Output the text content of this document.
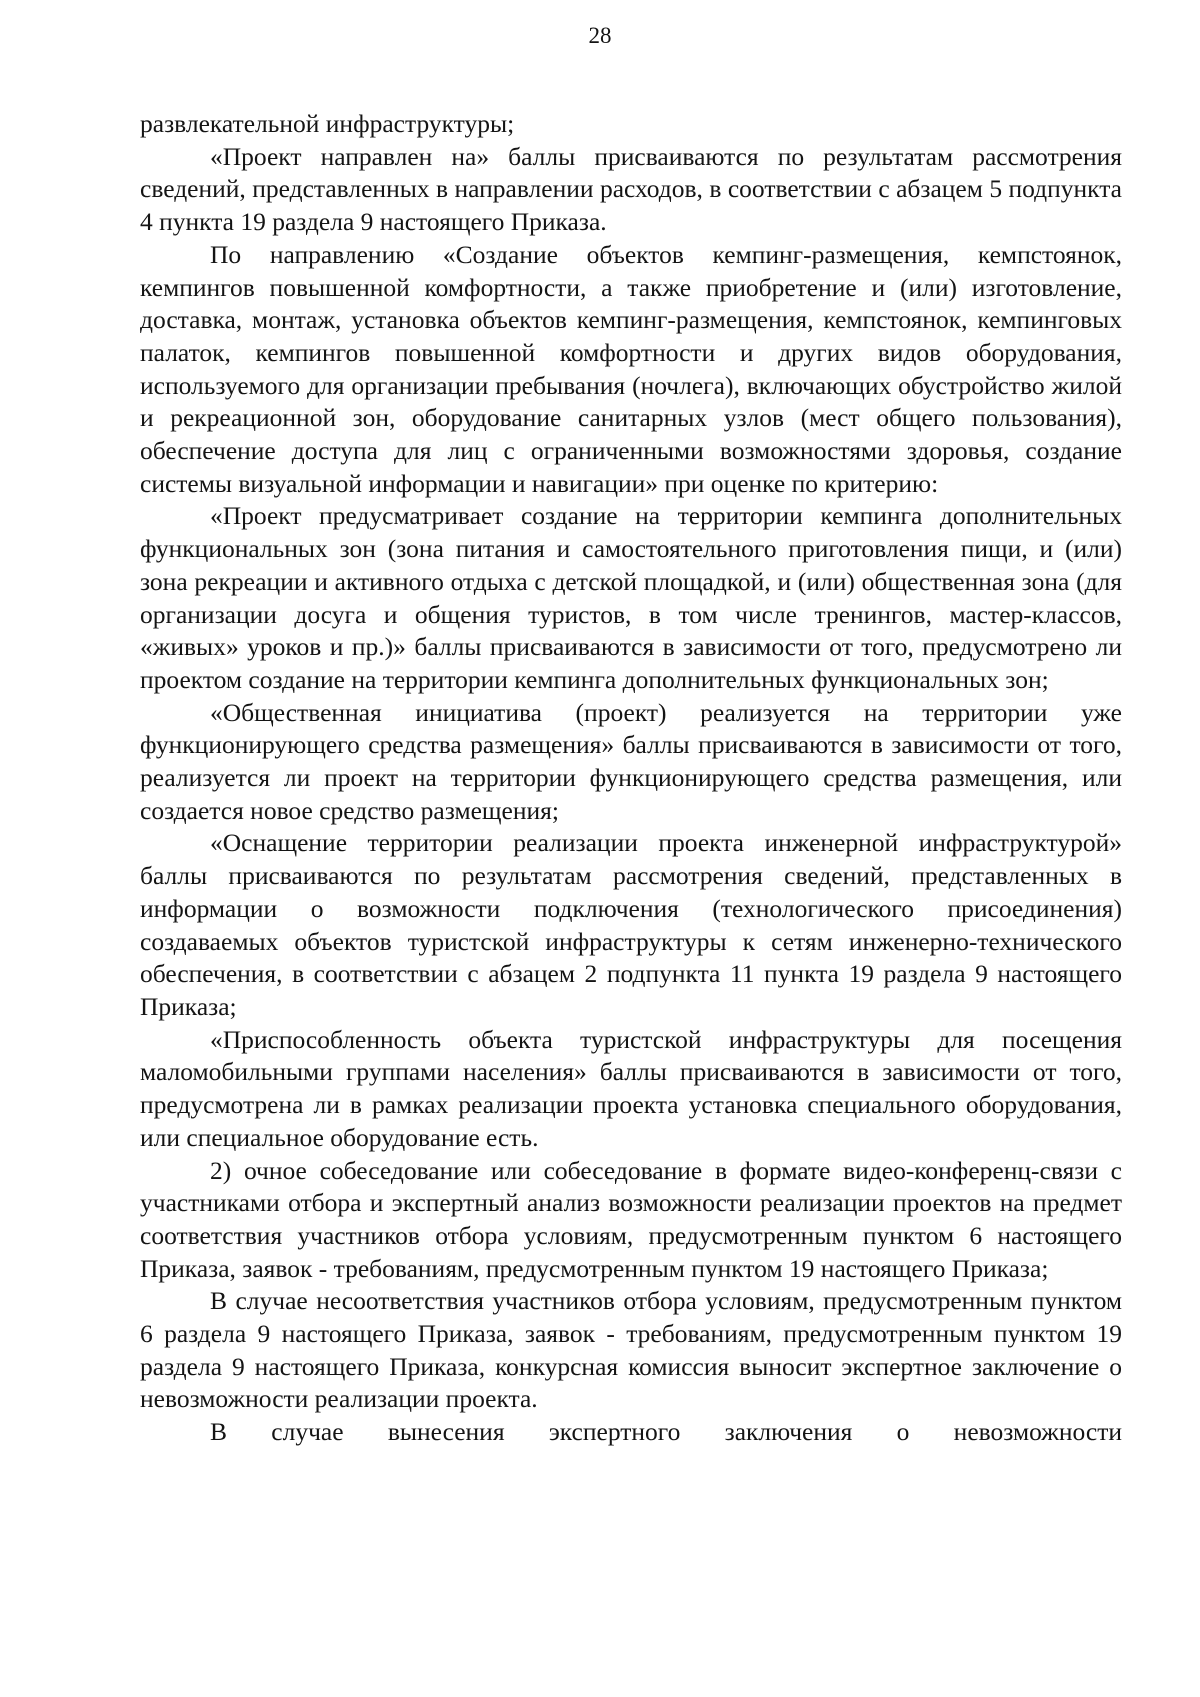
28

развлекательной инфраструктуры;

«Проект направлен на» баллы присваиваются по результатам рассмотрения сведений, представленных в направлении расходов, в соответствии с абзацем 5 подпункта 4 пункта 19 раздела 9 настоящего Приказа.

По направлению «Создание объектов кемпинг-размещения, кемпстоянок, кемпингов повышенной комфортности, а также приобретение и (или) изготовление, доставка, монтаж, установка объектов кемпинг-размещения, кемпстоянок, кемпинговых палаток, кемпингов повышенной комфортности и других видов оборудования, используемого для организации пребывания (ночлега), включающих обустройство жилой и рекреационной зон, оборудование санитарных узлов (мест общего пользования), обеспечение доступа для лиц с ограниченными возможностями здоровья, создание системы визуальной информации и навигации» при оценке по критерию:

«Проект предусматривает создание на территории кемпинга дополнительных функциональных зон (зона питания и самостоятельного приготовления пищи, и (или) зона рекреации и активного отдыха с детской площадкой, и (или) общественная зона (для организации досуга и общения туристов, в том числе тренингов, мастер-классов, «живых» уроков и пр.)» баллы присваиваются в зависимости от того, предусмотрено ли проектом создание на территории кемпинга дополнительных функциональных зон;

«Общественная инициатива (проект) реализуется на территории уже функционирующего средства размещения» баллы присваиваются в зависимости от того, реализуется ли проект на территории функционирующего средства размещения, или создается новое средство размещения;

«Оснащение территории реализации проекта инженерной инфраструктурой» баллы присваиваются по результатам рассмотрения сведений, представленных в информации о возможности подключения (технологического присоединения) создаваемых объектов туристской инфраструктуры к сетям инженерно-технического обеспечения, в соответствии с абзацем 2 подпункта 11 пункта 19 раздела 9 настоящего Приказа;

«Приспособленность объекта туристской инфраструктуры для посещения маломобильными группами населения» баллы присваиваются в зависимости от того, предусмотрена ли в рамках реализации проекта установка специального оборудования, или специальное оборудование есть.

2) очное собеседование или собеседование в формате видео-конференц-связи с участниками отбора и экспертный анализ возможности реализации проектов на предмет соответствия участников отбора условиям, предусмотренным пунктом 6 настоящего Приказа, заявок - требованиям, предусмотренным пунктом 19 настоящего Приказа;

В случае несоответствия участников отбора условиям, предусмотренным пунктом 6 раздела 9 настоящего Приказа, заявок - требованиям, предусмотренным пунктом 19 раздела 9 настоящего Приказа, конкурсная комиссия выносит экспертное заключение о невозможности реализации проекта.

В случае вынесения экспертного заключения о невозможности
